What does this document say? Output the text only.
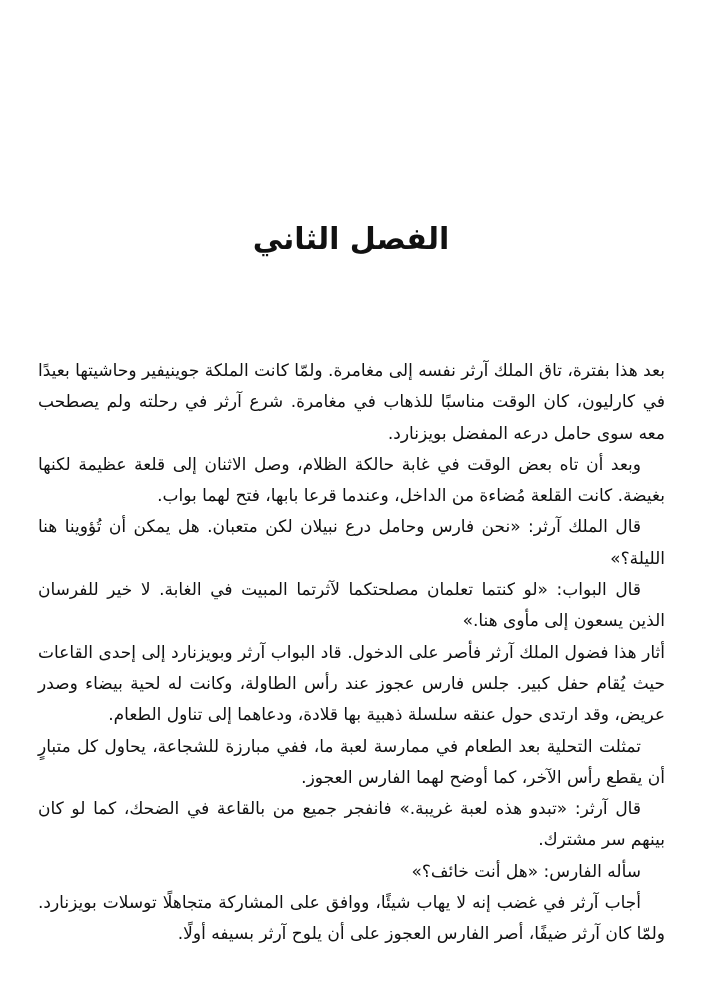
الفصل الثاني

بعد هذا بفترة، تاق الملك آرثر نفسه إلى مغامرة. ولمّا كانت الملكة جوينيفير وحاشيتها بعيدًا في كارليون، كان الوقت مناسبًا للذهاب في مغامرة. شرع آرثر في رحلته ولم يصطحب معه سوى حامل درعه المفضل بويزنارد.

وبعد أن تاه بعض الوقت في غابة حالكة الظلام، وصل الاثنان إلى قلعة عظيمة لكنها بغيضة. كانت القلعة مُضاءة من الداخل، وعندما قرعا بابها، فتح لهما بواب.

قال الملك آرثر: «نحن فارس وحامل درع نبيلان لكن متعبان. هل يمكن أن تُؤوينا هنا الليلة؟»

قال البواب: «لو كنتما تعلمان مصلحتكما لآثرتما المبيت في الغابة. لا خير للفرسان الذين يسعون إلى مأوى هنا.»

أثار هذا فضول الملك آرثر فأصر على الدخول. قاد البواب آرثر وبويزنارد إلى إحدى القاعات حيث يُقام حفل كبير. جلس فارس عجوز عند رأس الطاولة، وكانت له لحية بيضاء وصدر عريض، وقد ارتدى حول عنقه سلسلة ذهبية بها قلادة، ودعاهما إلى تناول الطعام.

تمثلت التحلية بعد الطعام في ممارسة لعبة ما، ففي مبارزة للشجاعة، يحاول كل متبارٍ أن يقطع رأس الآخر، كما أوضح لهما الفارس العجوز.

قال آرثر: «تبدو هذه لعبة غريبة.» فانفجر جميع من بالقاعة في الضحك، كما لو كان بينهم سر مشترك.

سأله الفارس: «هل أنت خائف؟»

أجاب آرثر في غضب إنه لا يهاب شيئًا، ووافق على المشاركة متجاهلًا توسلات بويزنارد. ولمّا كان آرثر ضيفًا، أصر الفارس العجوز على أن يلوح آرثر بسيفه أولًا.
